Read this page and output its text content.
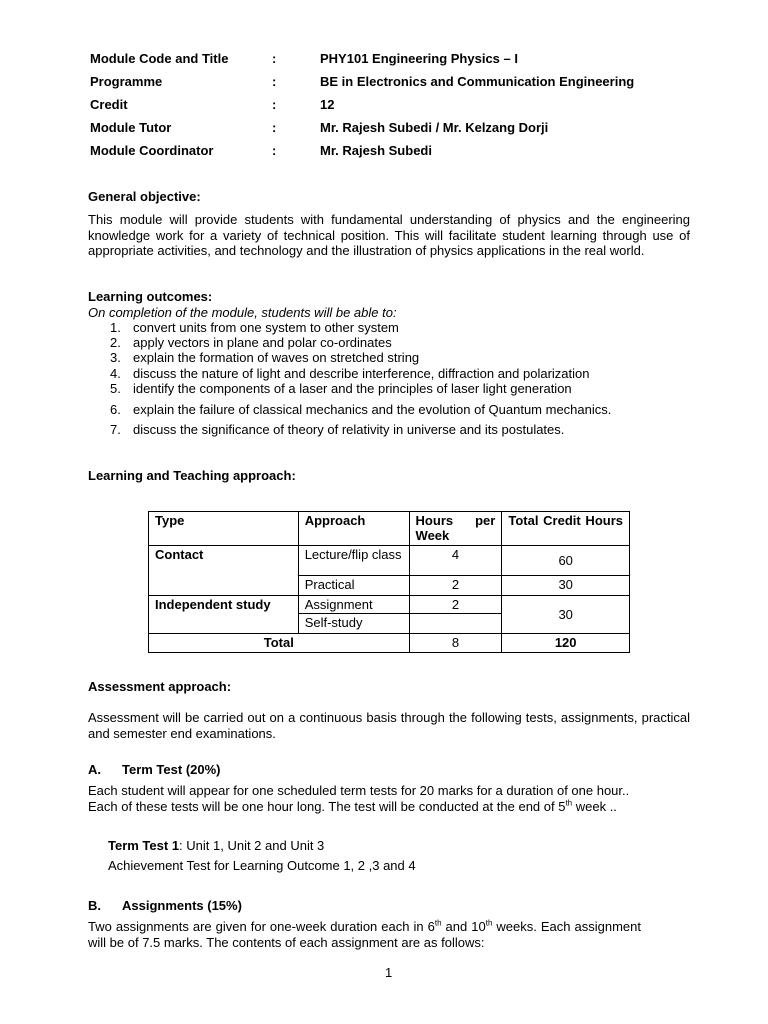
Module Code and Title	:	PHY101 Engineering Physics – I
Programme	:	BE in Electronics and Communication Engineering
Credit	:	12
Module Tutor	:	Mr. Rajesh Subedi / Mr. Kelzang Dorji
Module Coordinator	:	Mr. Rajesh Subedi
General objective:
This module will provide students with fundamental understanding of physics and the engineering knowledge work for a variety of technical position. This will facilitate student learning through use of appropriate activities, and technology and the illustration of physics applications in the real world.
Learning outcomes:
On completion of the module, students will be able to:
1. convert units from one system to other system
2. apply vectors in plane and polar co-ordinates
3. explain the formation of waves on stretched string
4. discuss the nature of light and describe interference, diffraction and polarization
5. identify the components of a laser and the principles of laser light generation
6. explain the failure of classical mechanics and the evolution of Quantum mechanics.
7. discuss the significance of theory of relativity in universe and its postulates.
Learning and Teaching approach:
Type	Approach	Hours per Week	Total Credit Hours
Contact	Lecture/flip class	4	60
	Practical	2	30
Independent study	Assignment	2	30
	Self-study		
Total		8	120
Assessment approach:
Assessment will be carried out on a continuous basis through the following tests, assignments, practical and semester end examinations.
A. Term Test (20%)
Each student will appear for one scheduled term tests for 20 marks for a duration of one hour..
Each of these tests will be one hour long. The test will be conducted at the end of 5th week ..
Term Test 1: Unit 1, Unit 2 and Unit 3
Achievement Test for Learning Outcome 1, 2 ,3 and 4
B. Assignments (15%)
Two assignments are given for one-week duration each in 6th and 10th weeks. Each assignment
will be of 7.5 marks. The contents of each assignment are as follows:
1
